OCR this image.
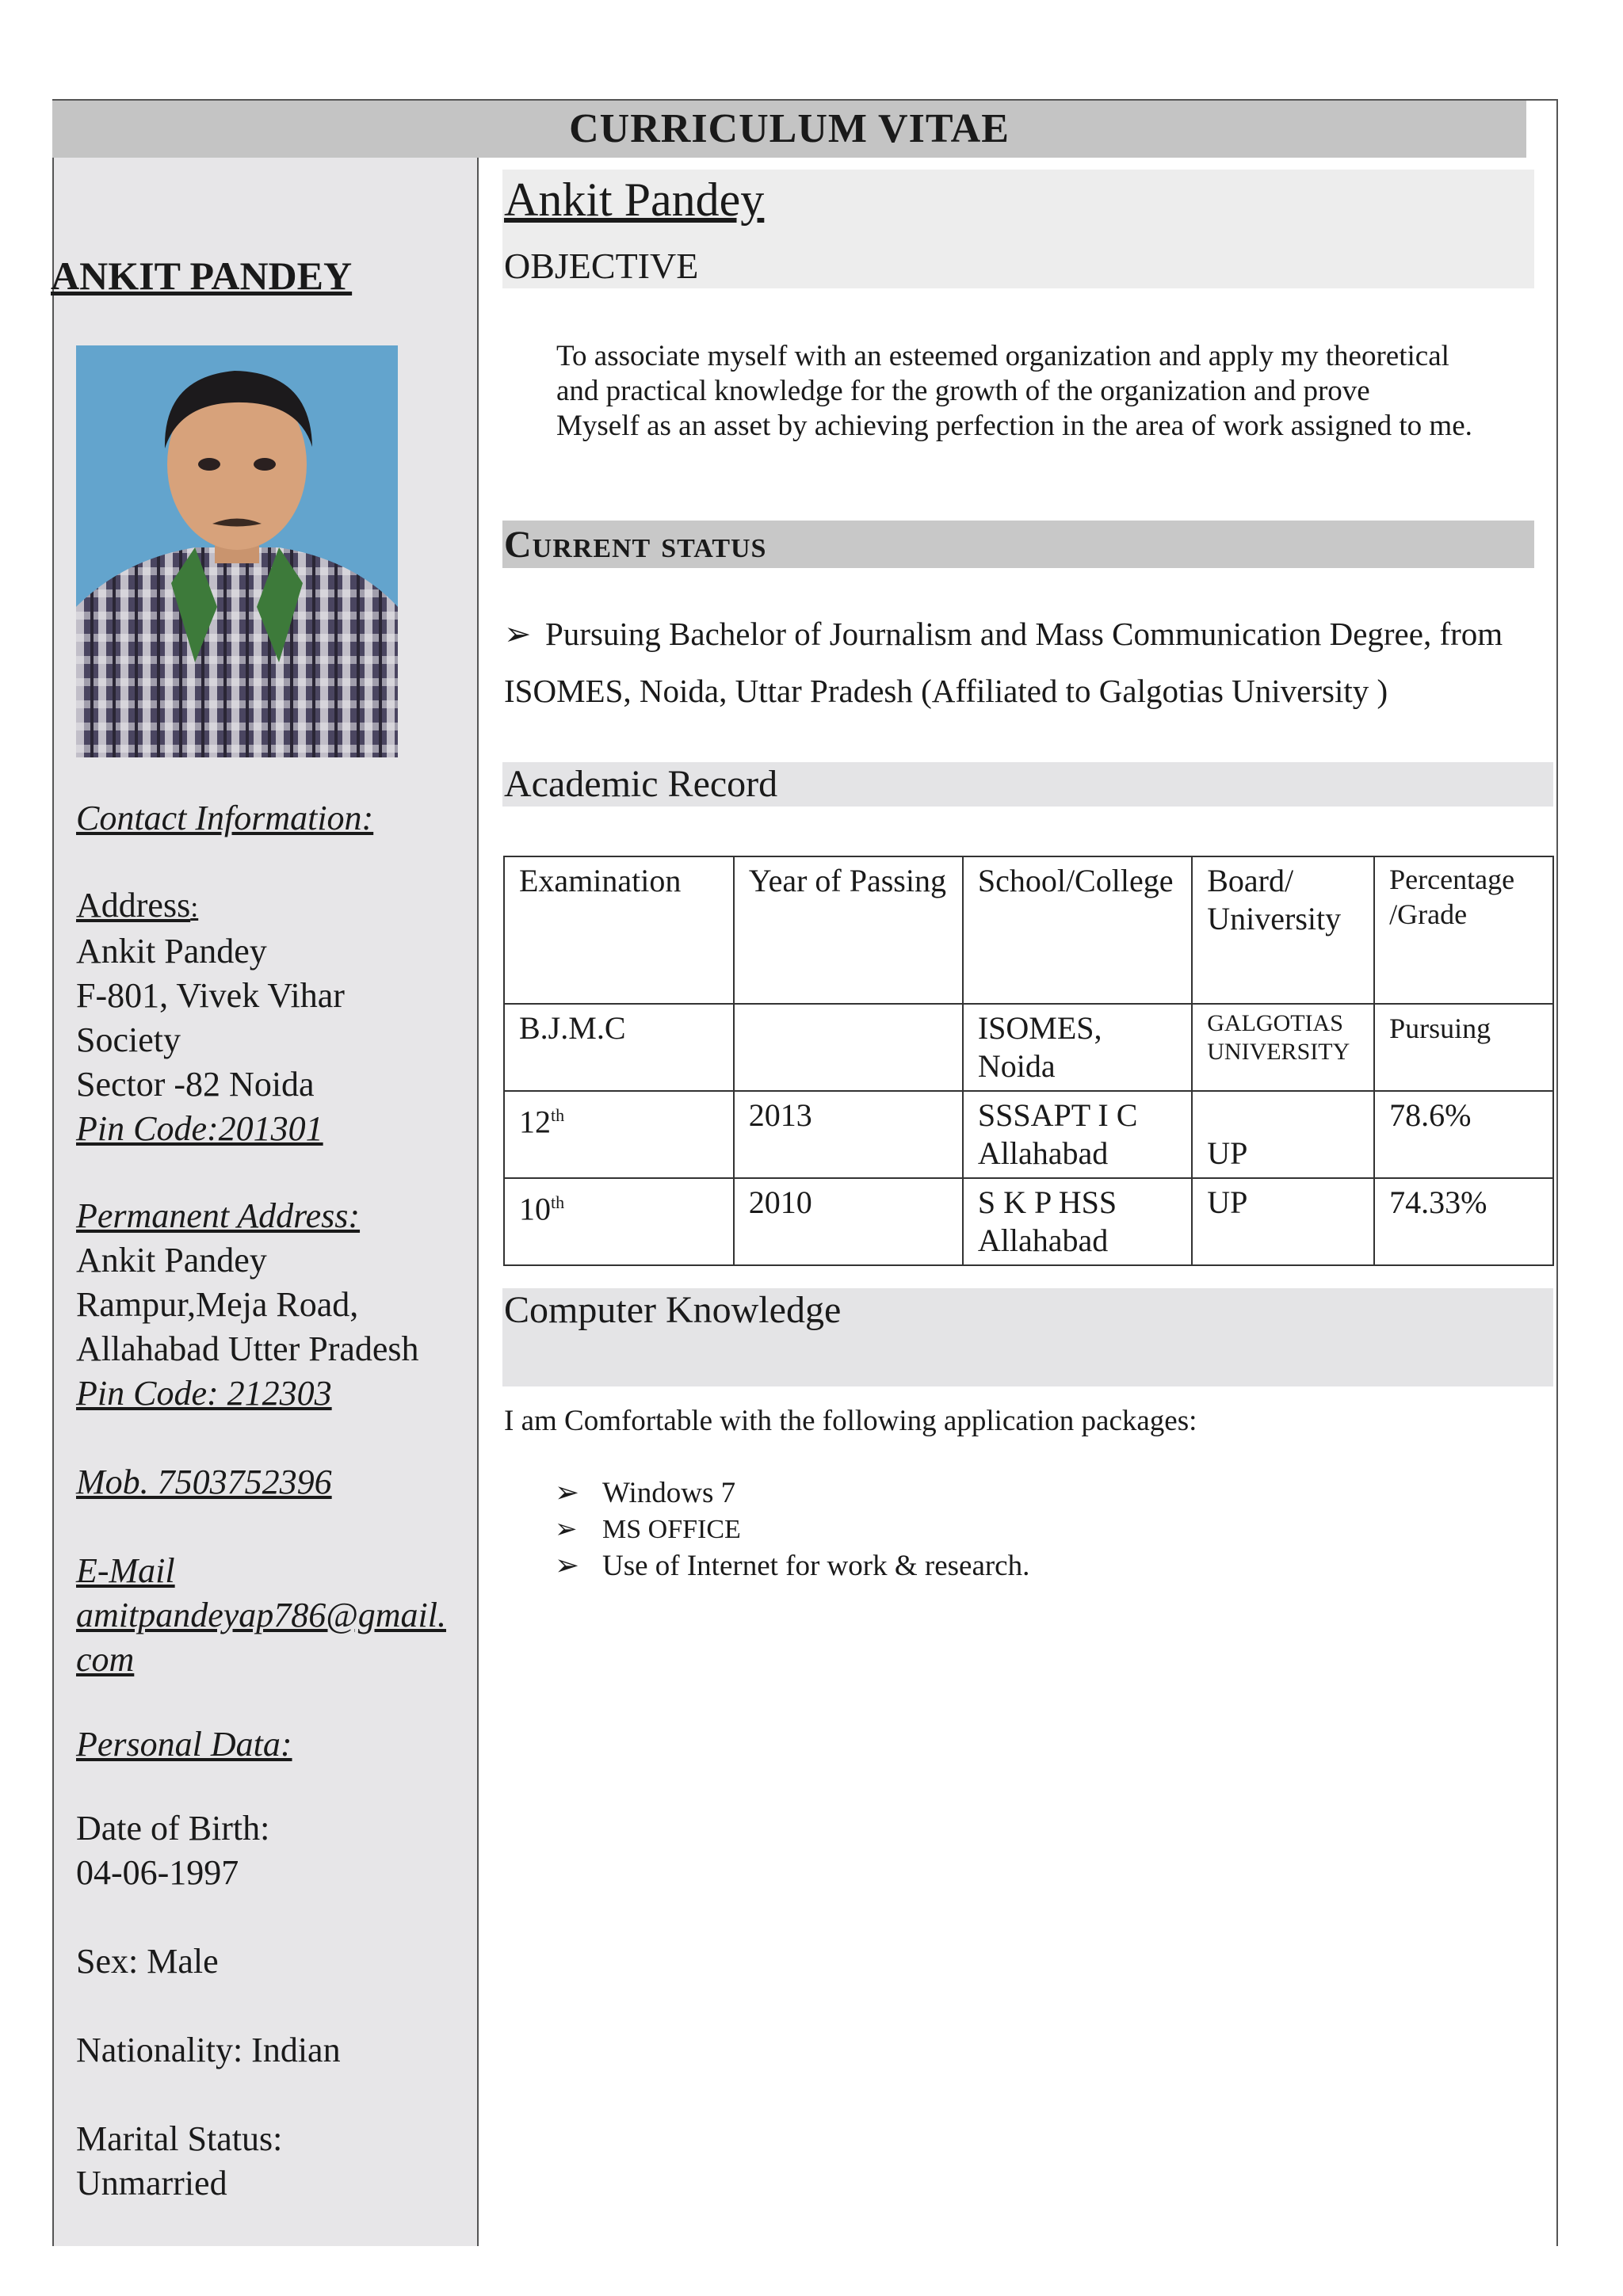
CURRICULUM VITAE
ANKIT PANDEY
Contact Information:
Address:
Ankit Pandey
F-801, Vivek Vihar
Society
Sector -82 Noida
Pin Code:201301
Permanent Address:
Ankit Pandey
Rampur,Meja Road,
Allahabad Utter Pradesh
Pin Code: 212303
Mob. 7503752396
E-Mail
amitpandeyap786@gmail.com
Personal Data:
Date of Birth:
04-06-1997
Sex: Male
Nationality: Indian
Marital Status:
Unmarried
Ankit Pandey
OBJECTIVE
To associate myself with an esteemed organization and apply my theoretical
and practical knowledge for the growth of the organization and prove
Myself as an asset by achieving perfection in the area of work assigned to me.
Current status
➢ Pursuing Bachelor of Journalism and Mass Communication Degree, from
ISOMES, Noida, Uttar Pradesh (Affiliated to Galgotias University )
Academic Record
Examination	Year of Passing	School/College	Board/ University	Percentage /Grade
B.J.M.C		ISOMES, Noida	GALGOTIAS UNIVERSITY	Pursuing
12th	2013	SSSAPT I C Allahabad	UP	78.6%
10th	2010	S K P HSS Allahabad	UP	74.33%
Computer Knowledge
I am Comfortable with the following application packages:
➢ Windows 7
➢ MS OFFICE
➢ Use of Internet for work & research.
